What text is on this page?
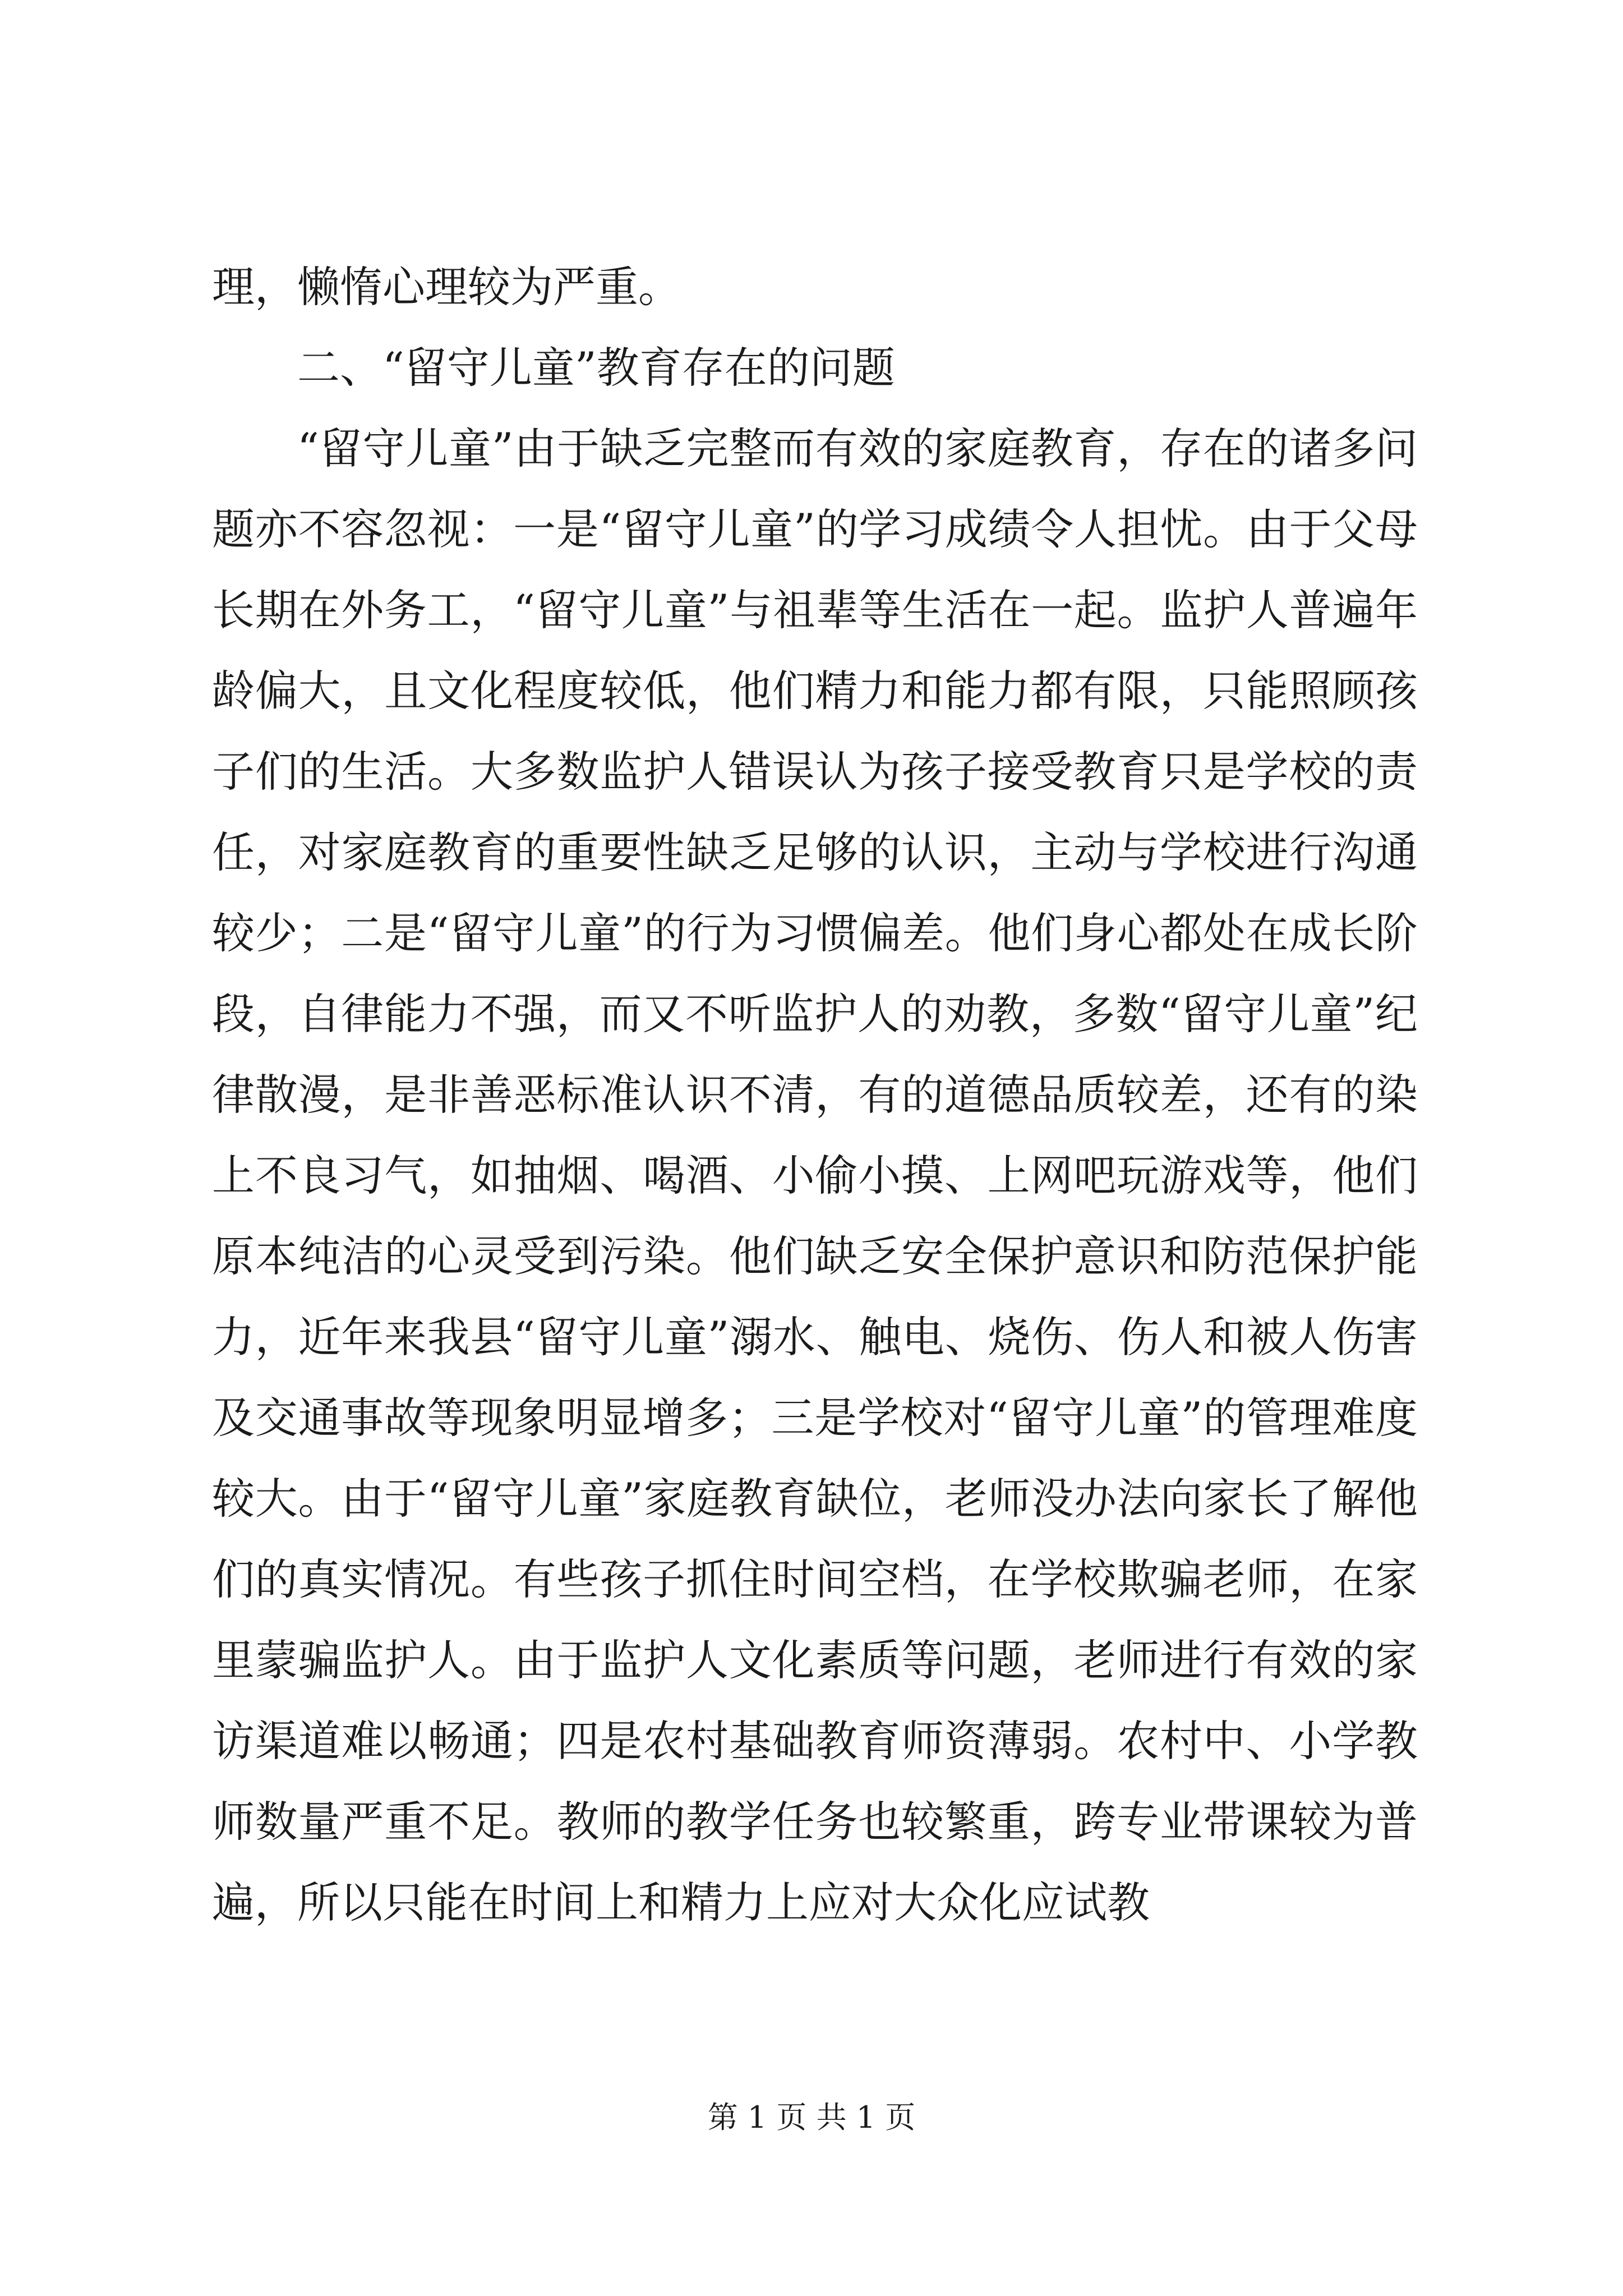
理，懒惰心理较为严重。

二、“留守儿童”教育存在的问题

“留守儿童”由于缺乏完整而有效的家庭教育，存在的诸多问题亦不容忽视：一是“留守儿童”的学习成绩令人担忧。由于父母长期在外务工，“留守儿童”与祖辈等生活在一起。监护人普遍年龄偏大，且文化程度较低，他们精力和能力都有限，只能照顾孩子们的生活。大多数监护人错误认为孩子接受教育只是学校的责任，对家庭教育的重要性缺乏足够的认识，主动与学校进行沟通较少；二是“留守儿童”的行为习惯偏差。他们身心都处在成长阶段，自律能力不强，而又不听监护人的劝教，多数“留守儿童”纪律散漫，是非善恶标准认识不清，有的道德品质较差，还有的染上不良习气，如抽烟、喝酒、小偷小摸、上网吧玩游戏等，他们原本纯洁的心灵受到污染。他们缺乏安全保护意识和防范保护能力，近年来我县“留守儿童”溺水、触电、烧伤、伤人和被人伤害及交通事故等现象明显增多；三是学校对“留守儿童”的管理难度较大。由于“留守儿童”家庭教育缺位，老师没办法向家长了解他们的真实情况。有些孩子抓住时间空档，在学校欺骗老师，在家里蒙骗监护人。由于监护人文化素质等问题，老师进行有效的家访渠道难以畅通；四是农村基础教育师资薄弱。农村中、小学教师数量严重不足。教师的教学任务也较繁重，跨专业带课较为普遍，所以只能在时间上和精力上应对大众化应试教

第 1 页 共 1 页
